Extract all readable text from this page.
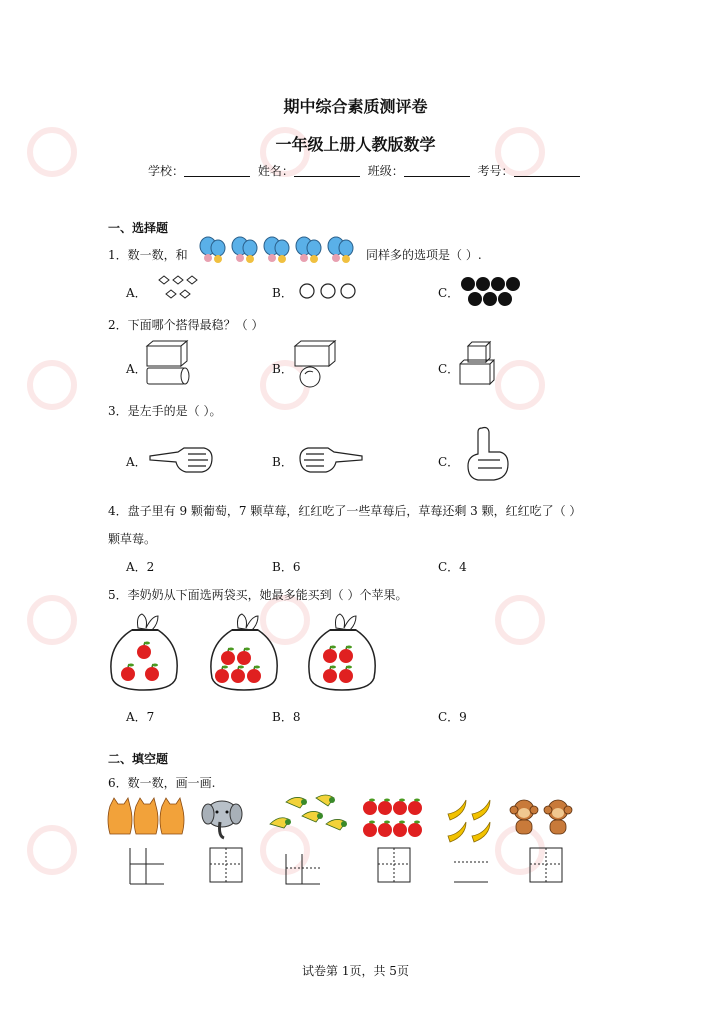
期中综合素质测评卷
一年级上册人教版数学
学校：	姓名：	班级：	考号：
一、选择题
1．数一数，和	同样多的选项是（ ）.
A．	B．	C．
2．下面哪个搭得最稳？（ ）
A．	B．	C．
3．是左手的是（ ）。
A．	B．	C．
4．盘子里有 9 颗葡萄，7 颗草莓，红红吃了一些草莓后，草莓还剩 3 颗，红红吃了（ ）
颗草莓。
A．2	B．6	C．4
5．李奶奶从下面选两袋买，她最多能买到（ ）个苹果。
A．7	B．8	C．9
二、填空题
6．数一数，画一画.
试卷第 1页，共 5页
